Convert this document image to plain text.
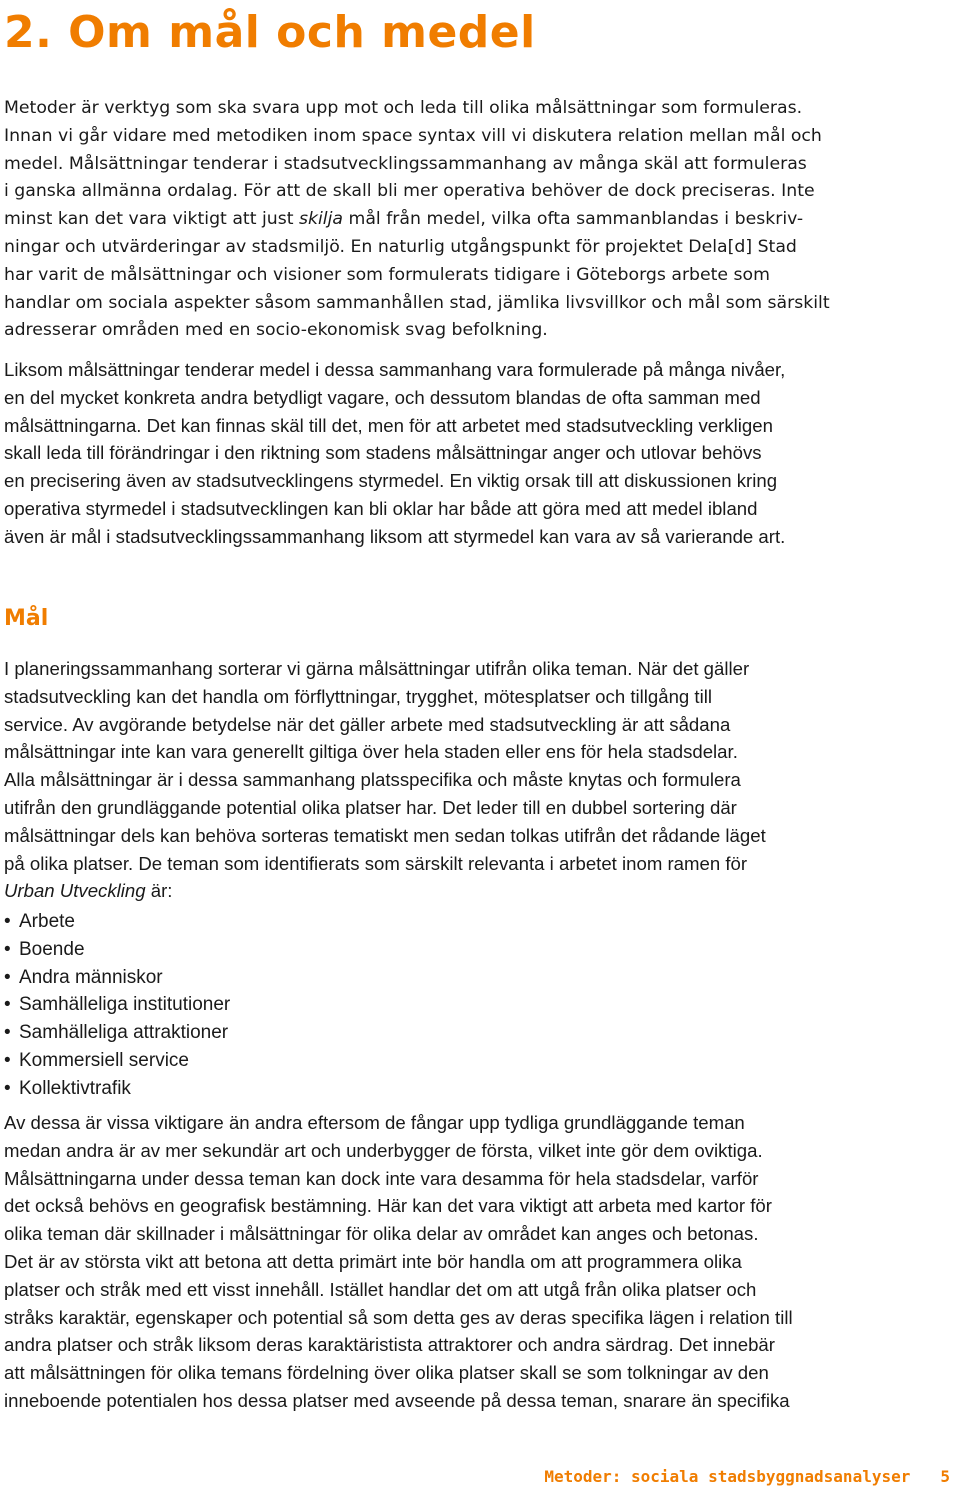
2. Om mål och medel

Metoder är verktyg som ska svara upp mot och leda till olika målsättningar som formuleras.
Innan vi går vidare med metodiken inom space syntax vill vi diskutera relation mellan mål och
medel. Målsättningar tenderar i stadsutvecklingssammanhang av många skäl att formuleras
i ganska allmänna ordalag. För att de skall bli mer operativa behöver de dock preciseras. Inte
minst kan det vara viktigt att just skilja mål från medel, vilka ofta sammanblandas i beskriv-
ningar och utvärderingar av stadsmiljö. En naturlig utgångspunkt för projektet Dela[d] Stad
har varit de målsättningar och visioner som formulerats tidigare i Göteborgs arbete som
handlar om sociala aspekter såsom sammanhållen stad, jämlika livsvillkor och mål som särskilt
adresserar områden med en socio-ekonomisk svag befolkning.

Liksom målsättningar tenderar medel i dessa sammanhang vara formulerade på många nivåer,
en del mycket konkreta andra betydligt vagare, och dessutom blandas de ofta samman med
målsättningarna. Det kan finnas skäl till det, men för att arbetet med stadsutveckling verkligen
skall leda till förändringar i den riktning som stadens målsättningar anger och utlovar behövs
en precisering även av stadsutvecklingens styrmedel. En viktig orsak till att diskussionen kring
operativa styrmedel i stadsutvecklingen kan bli oklar har både att göra med att medel ibland
även är mål i stadsutvecklingssammanhang liksom att styrmedel kan vara av så varierande art.

Mål

I planeringssammanhang sorterar vi gärna målsättningar utifrån olika teman. När det gäller
stadsutveckling kan det handla om förflyttningar, trygghet, mötesplatser och tillgång till
service. Av avgörande betydelse när det gäller arbete med stadsutveckling är att sådana
målsättningar inte kan vara generellt giltiga över hela staden eller ens för hela stadsdelar.
Alla målsättningar är i dessa sammanhang platsspecifika och måste knytas och formulera
utifrån den grundläggande potential olika platser har. Det leder till en dubbel sortering där
målsättningar dels kan behöva sorteras tematiskt men sedan tolkas utifrån det rådande läget
på olika platser. De teman som identifierats som särskilt relevanta i arbetet inom ramen för
Urban Utveckling är:

• Arbete
• Boende
• Andra människor
• Samhälleliga institutioner
• Samhälleliga attraktioner
• Kommersiell service
• Kollektivtrafik

Av dessa är vissa viktigare än andra eftersom de fångar upp tydliga grundläggande teman
medan andra är av mer sekundär art och underbygger de första, vilket inte gör dem oviktiga.
Målsättningarna under dessa teman kan dock inte vara desamma för hela stadsdelar, varför
det också behövs en geografisk bestämning. Här kan det vara viktigt att arbeta med kartor för
olika teman där skillnader i målsättningar för olika delar av området kan anges och betonas.
Det är av största vikt att betona att detta primärt inte bör handla om att programmera olika
platser och stråk med ett visst innehåll. Istället handlar det om att utgå från olika platser och
stråks karaktär, egenskaper och potential så som detta ges av deras specifika lägen i relation till
andra platser och stråk liksom deras karaktäristista attraktorer och andra särdrag. Det innebär
att målsättningen för olika temans fördelning över olika platser skall se som tolkningar av den
inneboende potentialen hos dessa platser med avseende på dessa teman, snarare än specifika

Metoder: sociala stadsbyggnadsanalyser 5
